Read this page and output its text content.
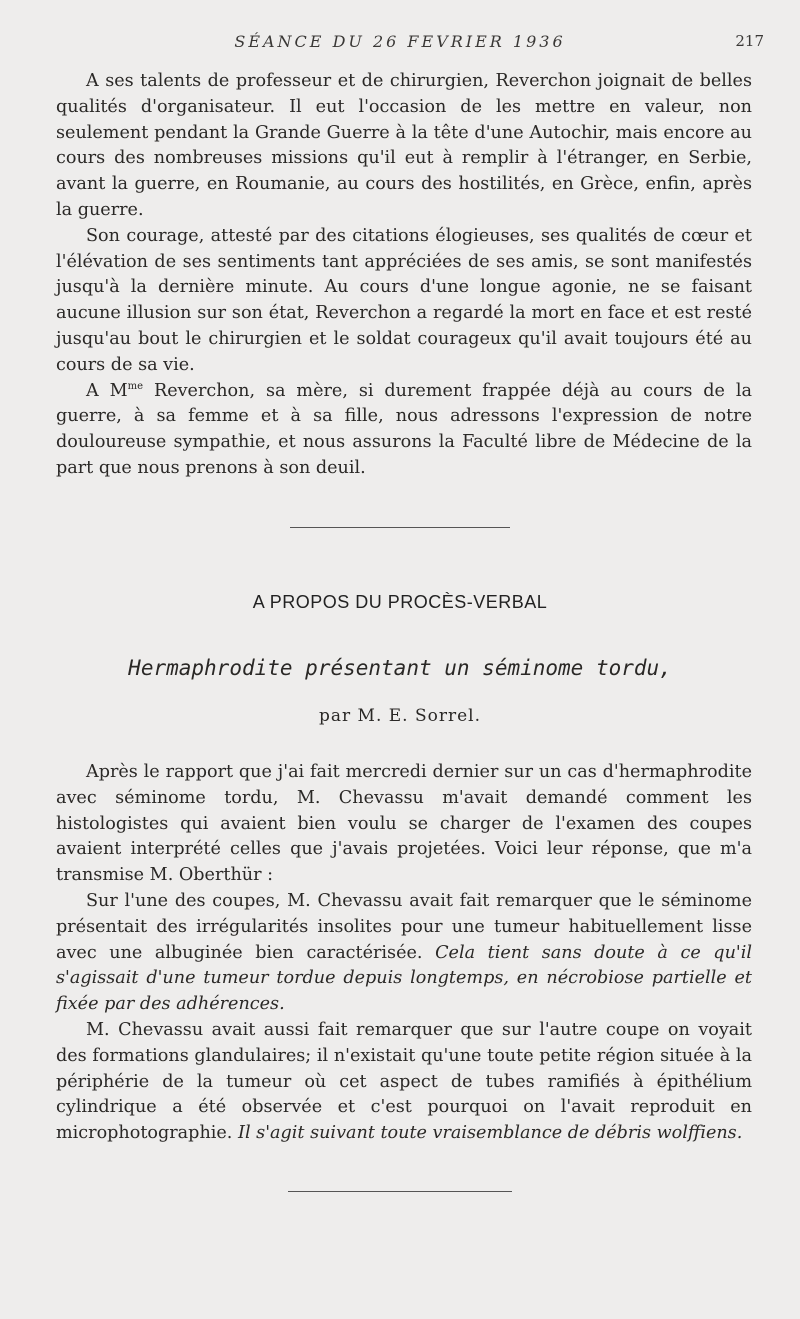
SÉANCE DU 26 FEVRIER 1936	217

A ses talents de professeur et de chirurgien, Reverchon joignait de belles qualités d'organisateur. Il eut l'occasion de les mettre en valeur, non seulement pendant la Grande Guerre à la tête d'une Autochir, mais encore au cours des nombreuses missions qu'il eut à remplir à l'étranger, en Serbie, avant la guerre, en Roumanie, au cours des hostilités, en Grèce, enfin, après la guerre.

Son courage, attesté par des citations élogieuses, ses qualités de cœur et l'élévation de ses sentiments tant appréciées de ses amis, se sont manifestés jusqu'à la dernière minute. Au cours d'une longue agonie, ne se faisant aucune illusion sur son état, Reverchon a regardé la mort en face et est resté jusqu'au bout le chirurgien et le soldat courageux qu'il avait toujours été au cours de sa vie.

A $M^{me}$ Reverchon, sa mère, si durement frappée déjà au cours de la guerre, à sa femme et à sa fille, nous adressons l'expression de notre douloureuse sympathie, et nous assurons la Faculté libre de Médecine de la part que nous prenons à son deuil.

A PROPOS DU PROCÈS-VERBAL
Hermaphrodite présentant un séminome tordu,
par M. E. Sorrel.

Après le rapport que j'ai fait mercredi dernier sur un cas d'hermaphrodite avec séminome tordu, M. Chevassu m'avait demandé comment les histologistes qui avaient bien voulu se charger de l'examen des coupes avaient interprété celles que j'avais projetées. Voici leur réponse, que m'a transmise M. Oberthür :

Sur l'une des coupes, M. Chevassu avait fait remarquer que le séminome présentait des irrégularités insolites pour une tumeur habituellement lisse avec une albuginée bien caractérisée. Cela tient sans doute à ce qu'il s'agissait d'une tumeur tordue depuis longtemps, en nécrobiose partielle et fixée par des adhérences.

M. Chevassu avait aussi fait remarquer que sur l'autre coupe on voyait des formations glandulaires; il n'existait qu'une toute petite région située à la périphérie de la tumeur où cet aspect de tubes ramifiés à épithélium cylindrique a été observée et c'est pourquoi on l'avait reproduit en microphotographie. Il s'agit suivant toute vraisemblance de débris wolffiens.
